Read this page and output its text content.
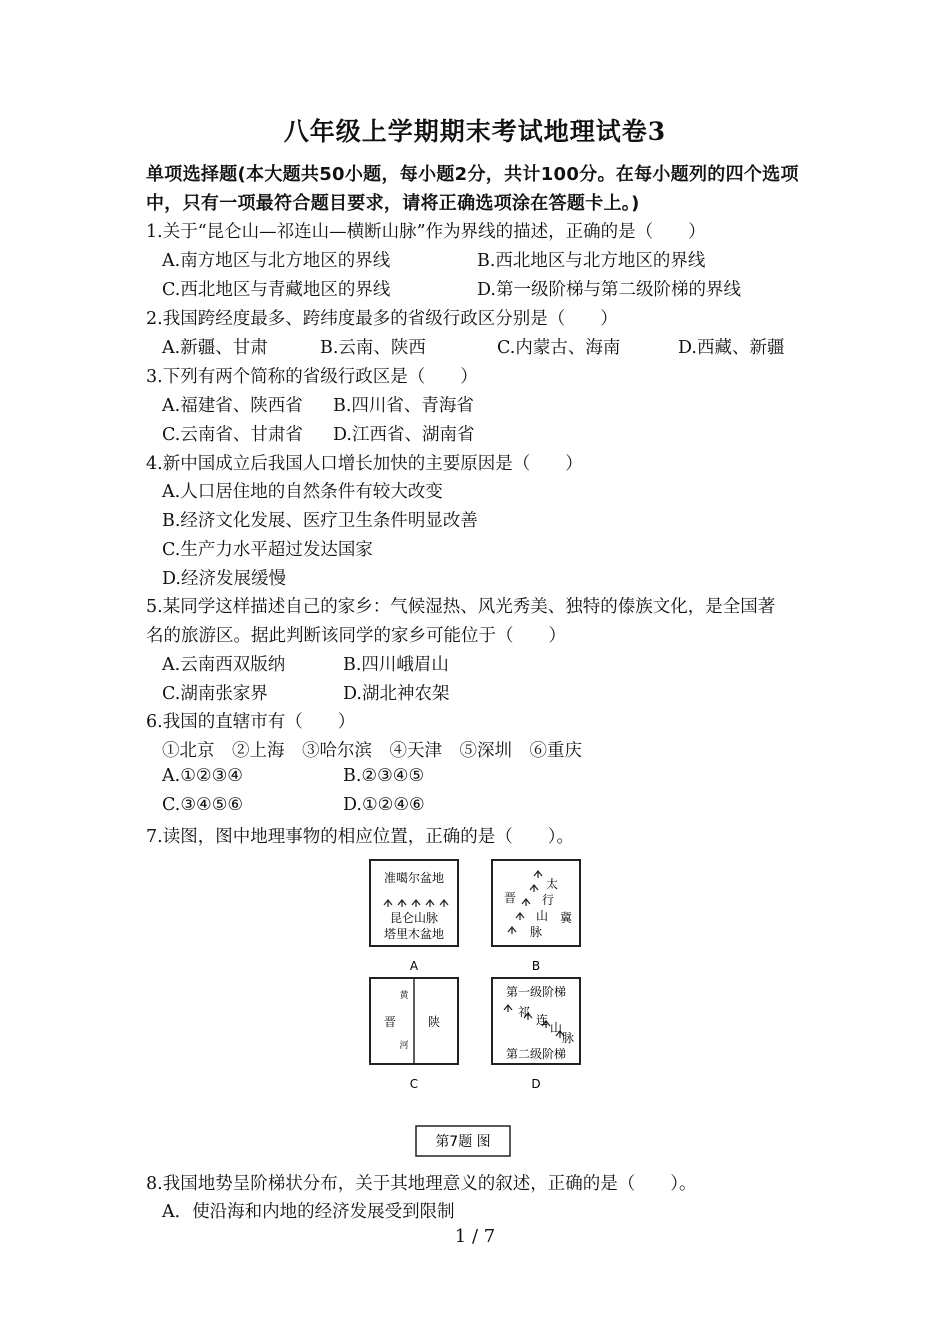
八年级上学期期末考试地理试卷3
单项选择题(本大题共50小题，每小题2分，共计100分。在每小题列的四个选项
中，只有一项最符合题目要求，请将正确选项涂在答题卡上。)
1.关于“昆仑山—祁连山—横断山脉”作为界线的描述，正确的是（　　）
A.南方地区与北方地区的界线	B.西北地区与北方地区的界线
C.西北地区与青藏地区的界线	D.第一级阶梯与第二级阶梯的界线
2.我国跨经度最多、跨纬度最多的省级行政区分别是（　　）
A.新疆、甘肃	B.云南、陕西	C.内蒙古、海南	D.西藏、新疆
3.下列有两个简称的省级行政区是（　　）
A.福建省、陕西省 B.四川省、青海省
C.云南省、甘肃省 D.江西省、湖南省
4.新中国成立后我国人口增长加快的主要原因是（　　）
A.人口居住地的自然条件有较大改变
B.经济文化发展、医疗卫生条件明显改善
C.生产力水平超过发达国家
D.经济发展缓慢
5.某同学这样描述自己的家乡：气候湿热、风光秀美、独特的傣族文化，是全国著
名的旅游区。据此判断该同学的家乡可能位于（　　）
A.云南西双版纳	B.四川峨眉山
C.湖南张家界	D.湖北神农架
6.我国的直辖市有（　　）
①北京　②上海　③哈尔滨　④天津　⑤深圳　⑥重庆
A.①②③④	B.②③④⑤
C.③④⑤⑥	D.①②④⑥
7.读图，图中地理事物的相应位置，正确的是（　　）。
准噶尔盆地
昆仑山脉
塔里木盆地
A
太
行
山
脉
晋
冀
B
黄
河
晋	陕
C
第一级阶梯
祁
连
山
脉
第二级阶梯
D
第7题 图
8.我国地势呈阶梯状分布，关于其地理意义的叙述，正确的是（　　）。
A．使沿海和内地的经济发展受到限制
1 / 7
